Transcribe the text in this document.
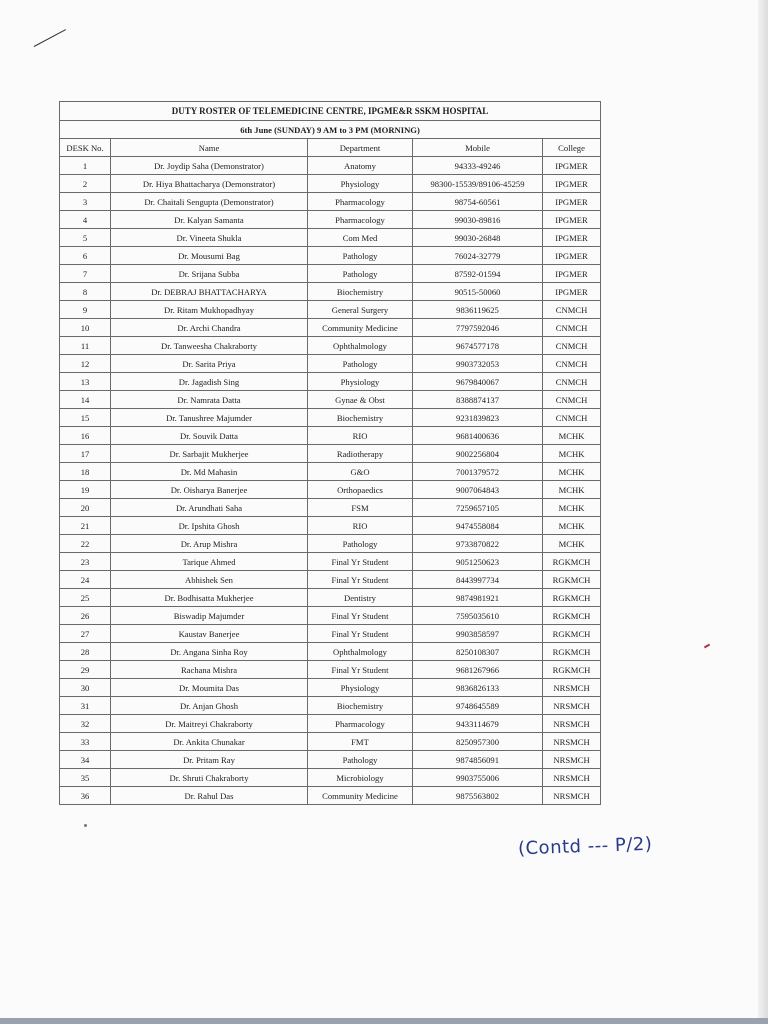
DUTY ROSTER OF TELEMEDICINE CENTRE, IPGME&R SSKM HOSPITAL				
6th June (SUNDAY) 9 AM to 3 PM (MORNING)				
DESK No.	Name	Department	Mobile	College
1	Dr. Joydip Saha (Demonstrator)	Anatomy	94333-49246	IPGMER
2	Dr. Hiya Bhattacharya (Demonstrator)	Physiology	98300-15539/89106-45259	IPGMER
3	Dr. Chaitali Sengupta (Demonstrator)	Pharmacology	98754-60561	IPGMER
4	Dr. Kalyan Samanta	Pharmacology	99030-89816	IPGMER
5	Dr. Vineeta Shukla	Com Med	99030-26848	IPGMER
6	Dr. Mousumi Bag	Pathology	76024-32779	IPGMER
7	Dr. Srijana Subba	Pathology	87592-01594	IPGMER
8	Dr. DEBRAJ BHATTACHARYA	Biochemistry	90515-50060	IPGMER
9	Dr. Ritam Mukhopadhyay	General Surgery	9836119625	CNMCH
10	Dr. Archi Chandra	Community Medicine	7797592046	CNMCH
11	Dr. Tanweesha Chakraborty	Ophthalmology	9674577178	CNMCH
12	Dr. Sarita Priya	Pathology	9903732053	CNMCH
13	Dr. Jagadish Sing	Physiology	9679840067	CNMCH
14	Dr. Namrata Datta	Gynae & Obst	8388874137	CNMCH
15	Dr. Tanushree Majumder	Biochemistry	9231839823	CNMCH
16	Dr. Souvik Datta	RIO	9681400636	MCHK
17	Dr. Sarbajit Mukherjee	Radiotherapy	9002256804	MCHK
18	Dr. Md Mahasin	G&O	7001379572	MCHK
19	Dr. Oisharya Banerjee	Orthopaedics	9007064843	MCHK
20	Dr. Arundhati Saha	FSM	7259657105	MCHK
21	Dr. Ipshita Ghosh	RIO	9474558084	MCHK
22	Dr. Arup Mishra	Pathology	9733870822	MCHK
23	Tarique Ahmed	Final Yr Student	9051250623	RGKMCH
24	Abhishek Sen	Final Yr Student	8443997734	RGKMCH
25	Dr. Bodhisatta Mukherjee	Dentistry	9874981921	RGKMCH
26	Biswadip Majumder	Final Yr Student	7595035610	RGKMCH
27	Kaustav Banerjee	Final Yr Student	9903858597	RGKMCH
28	Dr. Angana Sinha Roy	Ophthalmology	8250108307	RGKMCH
29	Rachana Mishra	Final Yr Student	9681267966	RGKMCH
30	Dr. Moumita Das	Physiology	9836826133	NRSMCH
31	Dr. Anjan Ghosh	Biochemistry	9748645589	NRSMCH
32	Dr. Maitreyi Chakraborty	Pharmacology	9433114679	NRSMCH
33	Dr. Ankita Chunakar	FMT	8250957300	NRSMCH
34	Dr. Pritam Ray	Pathology	9874856091	NRSMCH
35	Dr. Shruti Chakraborty	Microbiology	9903755006	NRSMCH
36	Dr. Rahul Das	Community Medicine	9875563802	NRSMCH
(Contd --- P/2)
